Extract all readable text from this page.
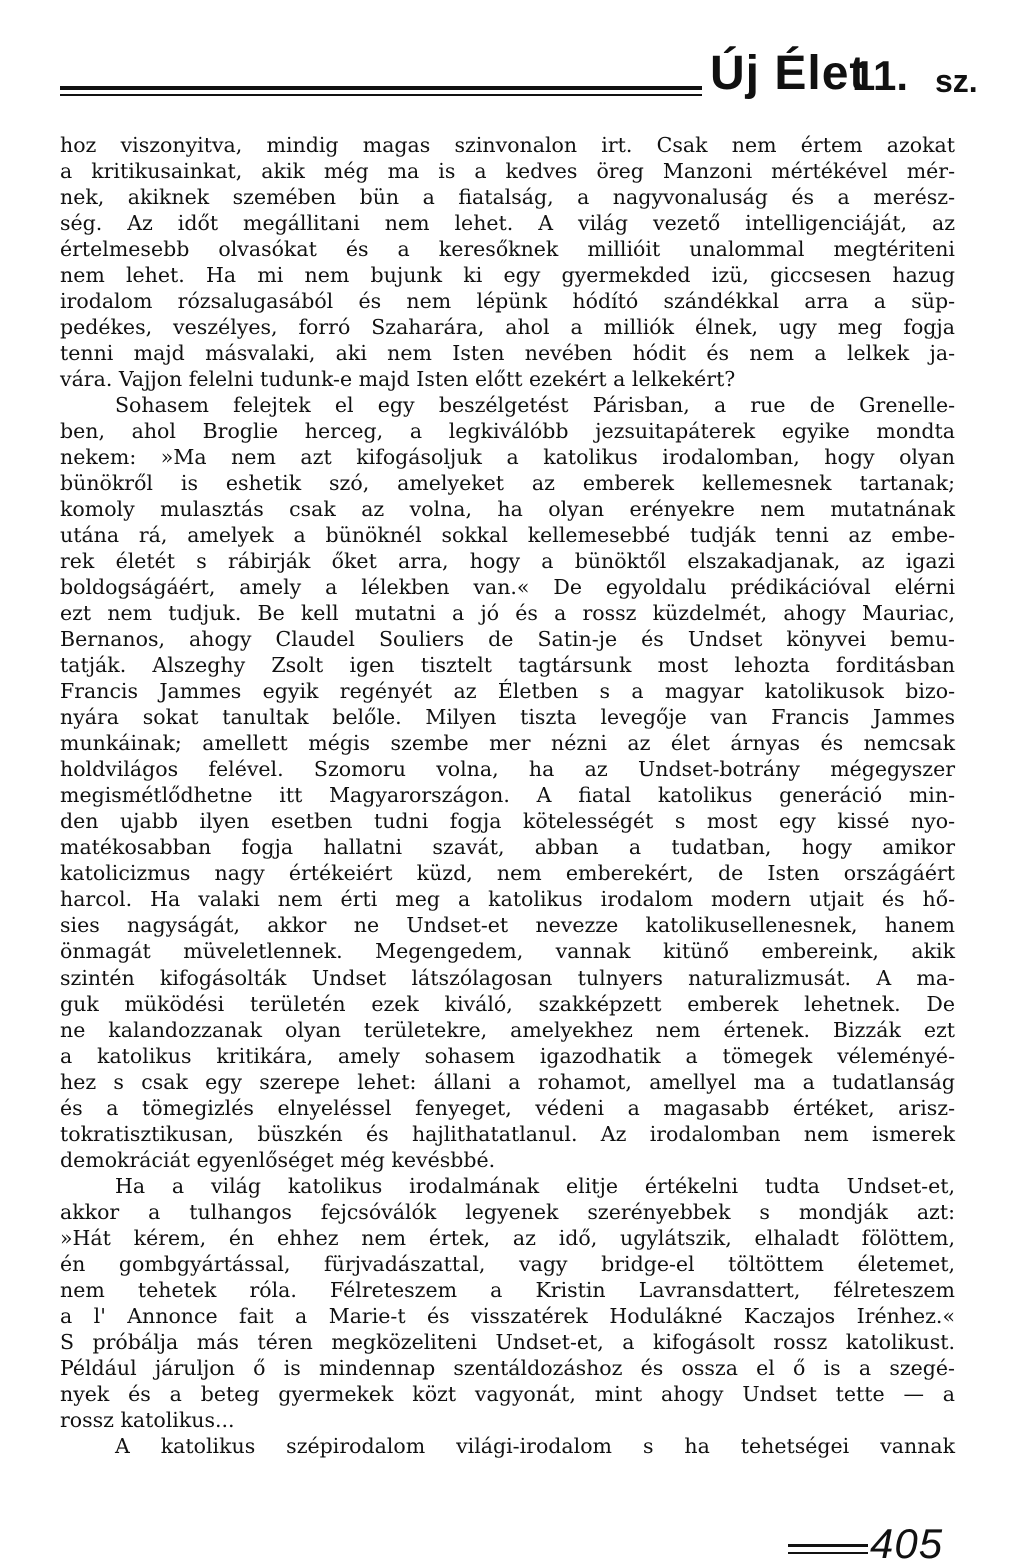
Új Élet
11. sz.
hoz viszonyitva, mindig magas szinvonalon irt. Csak nem értem azokat
a kritikusainkat, akik még ma is a kedves öreg Manzoni mértékével mér-
nek, akiknek szemében bün a fiatalság, a nagyvonaluság és a merész-
ség. Az időt megállitani nem lehet. A világ vezető intelligenciáját, az
értelmesebb olvasókat és a keresőknek millióit unalommal megtériteni
nem lehet. Ha mi nem bujunk ki egy gyermekded izü, giccsesen hazug
irodalom rózsalugasából és nem lépünk hódító szándékkal arra a süp-
pedékes, veszélyes, forró Szaharára, ahol a milliók élnek, ugy meg fogja
tenni majd másvalaki, aki nem Isten nevében hódit és nem a lelkek ja-
vára. Vajjon felelni tudunk-e majd Isten előtt ezekért a lelkekért?
Sohasem felejtek el egy beszélgetést Párisban, a rue de Grenelle-
ben, ahol Broglie herceg, a legkiválóbb jezsuitapáterek egyike mondta
nekem: »Ma nem azt kifogásoljuk a katolikus irodalomban, hogy olyan
bünökről is eshetik szó, amelyeket az emberek kellemesnek tartanak;
komoly mulasztás csak az volna, ha olyan erényekre nem mutatnának
utána rá, amelyek a bünöknél sokkal kellemesebbé tudják tenni az embe-
rek életét s rábirják őket arra, hogy a bünöktől elszakadjanak, az igazi
boldogságáért, amely a lélekben van.« De egyoldalu prédikációval elérni
ezt nem tudjuk. Be kell mutatni a jó és a rossz küzdelmét, ahogy Mauriac,
Bernanos, ahogy Claudel Souliers de Satin-je és Undset könyvei bemu-
tatják. Alszeghy Zsolt igen tisztelt tagtársunk most lehozta forditásban
Francis Jammes egyik regényét az Életben s a magyar katolikusok bizo-
nyára sokat tanultak belőle. Milyen tiszta levegője van Francis Jammes
munkáinak; amellett mégis szembe mer nézni az élet árnyas és nemcsak
holdvilágos felével. Szomoru volna, ha az Undset-botrány mégegyszer
megismétlődhetne itt Magyarországon. A fiatal katolikus generáció min-
den ujabb ilyen esetben tudni fogja kötelességét s most egy kissé nyo-
matékosabban fogja hallatni szavát, abban a tudatban, hogy amikor
katolicizmus nagy értékeiért küzd, nem emberekért, de Isten országáért
harcol. Ha valaki nem érti meg a katolikus irodalom modern utjait és hő-
sies nagyságát, akkor ne Undset-et nevezze katolikusellenesnek, hanem
önmagát müveletlennek. Megengedem, vannak kitünő embereink, akik
szintén kifogásolták Undset látszólagosan tulnyers naturalizmusát. A ma-
guk müködési területén ezek kiváló, szakképzett emberek lehetnek. De
ne kalandozzanak olyan területekre, amelyekhez nem értenek. Bizzák ezt
a katolikus kritikára, amely sohasem igazodhatik a tömegek véleményé-
hez s csak egy szerepe lehet: állani a rohamot, amellyel ma a tudatlanság
és a tömegizlés elnyeléssel fenyeget, védeni a magasabb értéket, arisz-
tokratisztikusan, büszkén és hajlithatatlanul. Az irodalomban nem ismerek
demokráciát egyenlőséget még kevésbbé.
Ha a világ katolikus irodalmának elitje értékelni tudta Undset-et,
akkor a tulhangos fejcsóválók legyenek szerényebbek s mondják azt:
»Hát kérem, én ehhez nem értek, az idő, ugylátszik, elhaladt fölöttem,
én gombgyártással, fürjvadászattal, vagy bridge-el töltöttem életemet,
nem tehetek róla. Félreteszem a Kristin Lavransdattert, félreteszem
a l' Annonce fait a Marie-t és visszatérek Hodulákné Kaczajos Irénhez.«
S próbálja más téren megközeliteni Undset-et, a kifogásolt rossz katolikust.
Például járuljon ő is mindennap szentáldozáshoz és ossza el ő is a szegé-
nyek és a beteg gyermekek közt vagyonát, mint ahogy Undset tette — a
rossz katolikus...
A katolikus szépirodalom világi-irodalom s ha tehetségei vannak
405
